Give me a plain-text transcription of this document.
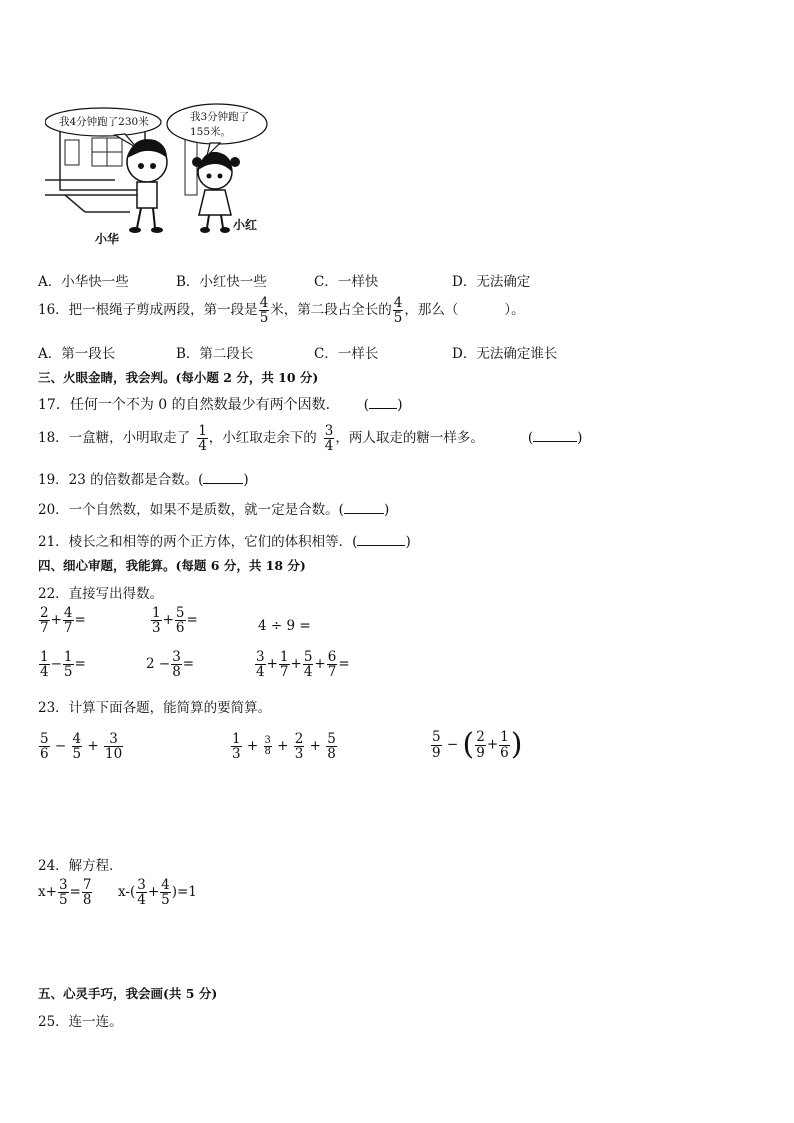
我4分钟跑了230米	我3分钟跑了
155米。
小华
小红
A．小华快一些	B．小红快一些	C．一样快	D．无法确定
16．把一根绳子剪成两段，第一段是 $\frac{4}{5}$ 米，第二段占全长的 $\frac{4}{5}$ ，那么（	）。
A．第一段长	B．第二段长	C．一样长	D．无法确定谁长
三、火眼金睛，我会判。(每小题 2 分，共 10 分)
17．任何一个不为 0 的自然数最少有两个因数． ( )
18．一盒糖，小明取走了 $\frac{1}{4}$ ，小红取走余下的 $\frac{3}{4}$ ，两人取走的糖一样多。	(	)
19．23 的倍数都是合数。(	)
20．一个自然数，如果不是质数，就一定是合数。(	)
21．棱长之和相等的两个正方体，它们的体积相等．(	)
四、细心审题，我能算。(每题 6 分，共 18 分)
22．直接写出得数。
$\frac{2}{7} + \frac{4}{7}$ =	$\frac{1}{3} + \frac{5}{6}$ =	4 ÷ 9 =
$\frac{1}{4} - \frac{1}{5}$ =	$2 - \frac{3}{8}$ =	$\frac{3}{4} + \frac{1}{7} + \frac{5}{4} + \frac{6}{7}$ =
23．计算下面各题，能简算的要简算。
$\frac{5}{6} - \frac{4}{5} + \frac{3}{10}$	$\frac{1}{3} + \frac{3}{8} + \frac{2}{3} + \frac{5}{8}$	$\frac{5}{9}$ − ( $\frac{2}{9} + \frac{1}{6}$ )
24．解方程．
$x+ \frac{3}{5} = \frac{7}{8} x-( \frac{3}{4} + \frac{4}{5} )=1$
五、心灵手巧，我会画(共 5 分)
25．连一连。
